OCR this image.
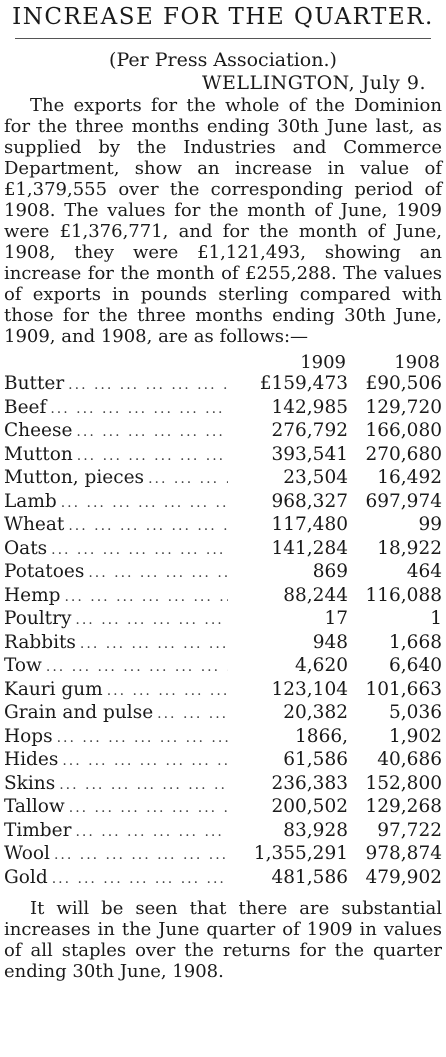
INCREASE FOR THE QUARTER.

(Per Press Association.)

WELLINGTON, July 9.

The exports for the whole of the Dominion for the three months ending 30th June last, as supplied by the Industries and Commerce Department, show an increase in value of £1,379,555 over the corresponding period of 1908. The values for the month of June, 1909 were £1,376,771, and for the month of June, 1908, they were £1,121,493, showing an increase for the month of £255,288. The values of exports in pounds sterling compared with those for the three months ending 30th June, 1909, and 1908, are as follows:—

1909	1908
Butter ... .	£159,473 £90,506
Beef ... .	142,985 129,720
Cheese ... .	276,792 166,080
Mutton ... .	393,541 270,680
Mutton, pieces ... .	23,504	16,492
Lamb ... .	968,327 697,974
Wheat ... .	117,480	99
Oats ... .	141,284	18,922
Potatoes ... .	869	464
Hemp ... .	88,244 116,088
Poultry ... .	17	1
Rabbits ... .	948	1,668
Tow ... .	4,620	6,640
Kauri gum ... .	123,104 101,663
Grain and pulse ... .	20,382	5,036
Hops ... .	1866,	1,902
Hides ... .	61,586	40,686
Skins ... .	236,383 152,800
Tallow ... .	200,502 129,268
Timber ... .	83,928	97,722
Wool ... .	1,355,291 978,874
Gold ... .	481,586 479,902

It will be seen that there are substantial increases in the June quarter of 1909 in values of all staples over the returns for the quarter ending 30th June, 1908.
